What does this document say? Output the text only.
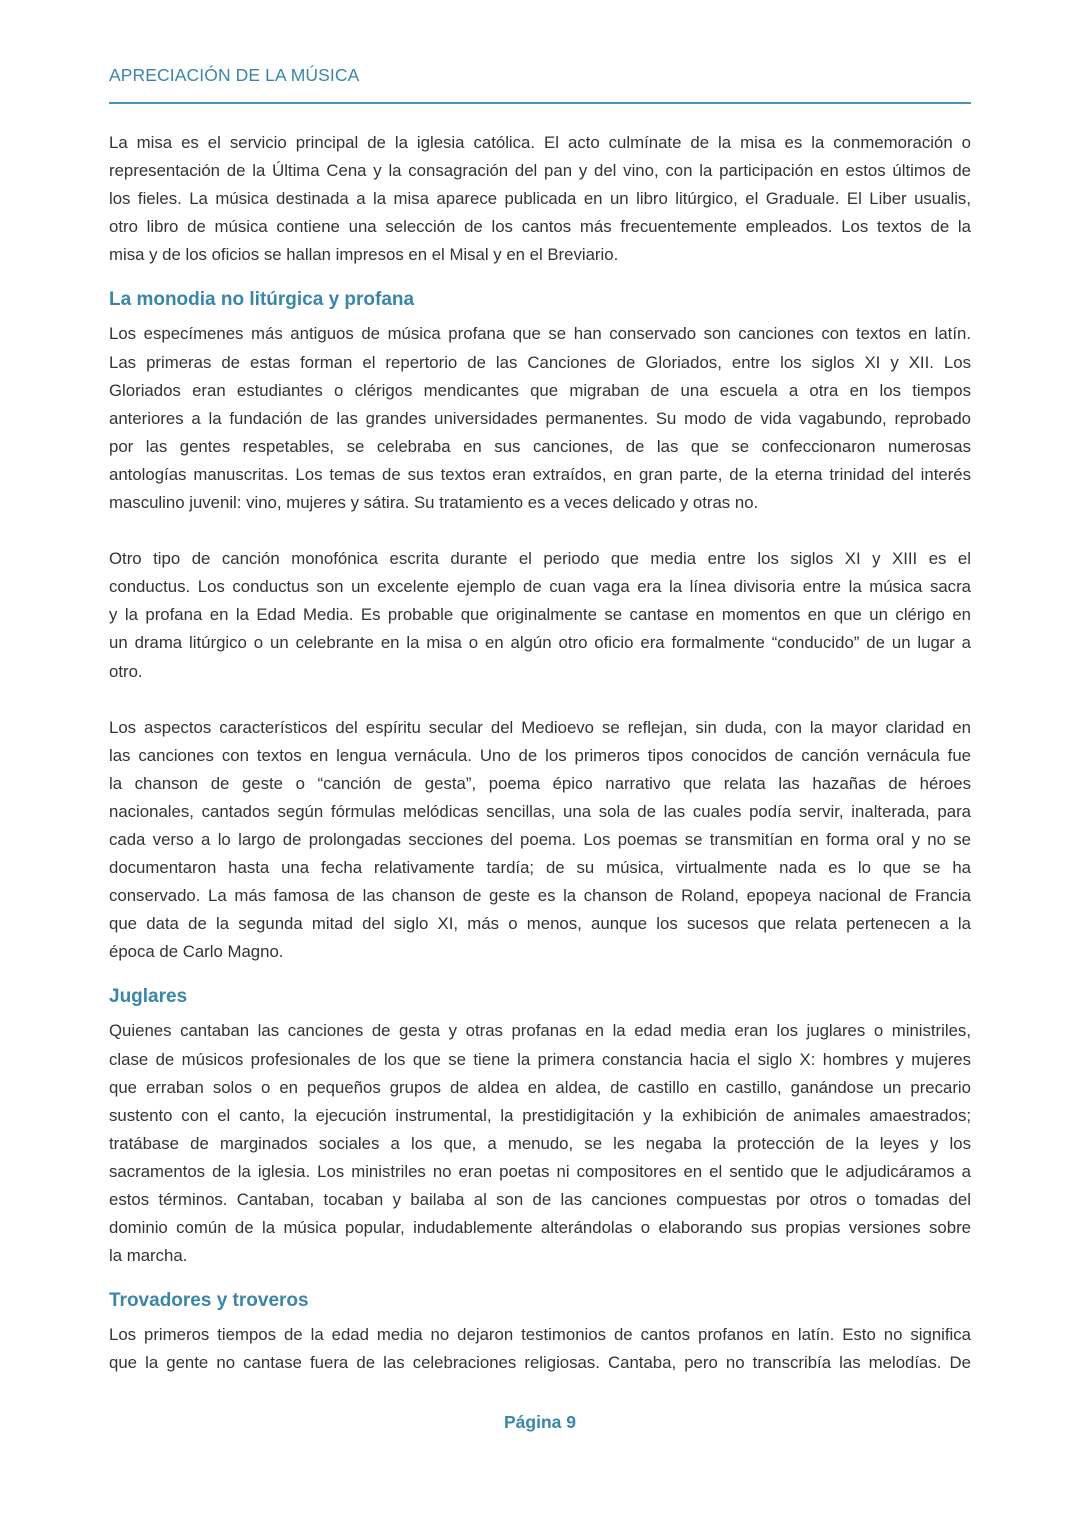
APRECIACIÓN DE LA MÚSICA
La misa es el servicio principal de la iglesia católica. El acto culmínate de la misa es la conmemoración o
representación de la Última Cena y la consagración del pan y del vino, con la participación en estos últimos de
los fieles. La música destinada a la misa aparece publicada en un libro litúrgico, el Graduale. El Liber usualis,
otro libro de música contiene una selección de los cantos más frecuentemente empleados. Los textos de la
misa y de los oficios se hallan impresos en el Misal y en el Breviario.
La monodia no litúrgica y profana
Los especímenes más antiguos de música profana que se han conservado son canciones con textos en latín.
Las primeras de estas forman el repertorio de las Canciones de Gloriados, entre los siglos XI y XII. Los
Gloriados eran estudiantes o clérigos mendicantes que migraban de una escuela a otra en los tiempos
anteriores a la fundación de las grandes universidades permanentes. Su modo de vida vagabundo, reprobado
por las gentes respetables, se celebraba en sus canciones, de las que se confeccionaron numerosas
antologías manuscritas. Los temas de sus textos eran extraídos, en gran parte, de la eterna trinidad del interés
masculino juvenil: vino, mujeres y sátira. Su tratamiento es a veces delicado y otras no.
Otro tipo de canción monofónica escrita durante el periodo que media entre los siglos XI y XIII es el
conductus. Los conductus son un excelente ejemplo de cuan vaga era la línea divisoria entre la música sacra
y la profana en la Edad Media. Es probable que originalmente se cantase en momentos en que un clérigo en
un drama litúrgico o un celebrante en la misa o en algún otro oficio era formalmente “conducido” de un lugar a
otro.
Los aspectos característicos del espíritu secular del Medioevo se reflejan, sin duda, con la mayor claridad en
las canciones con textos en lengua vernácula. Uno de los primeros tipos conocidos de canción vernácula fue
la chanson de geste o “canción de gesta”, poema épico narrativo que relata las hazañas de héroes
nacionales, cantados según fórmulas melódicas sencillas, una sola de las cuales podía servir, inalterada, para
cada verso a lo largo de prolongadas secciones del poema. Los poemas se transmitían en forma oral y no se
documentaron hasta una fecha relativamente tardía; de su música, virtualmente nada es lo que se ha
conservado. La más famosa de las chanson de geste es la chanson de Roland, epopeya nacional de Francia
que data de la segunda mitad del siglo XI, más o menos, aunque los sucesos que relata pertenecen a la
época de Carlo Magno.
Juglares
Quienes cantaban las canciones de gesta y otras profanas en la edad media eran los juglares o ministriles,
clase de músicos profesionales de los que se tiene la primera constancia hacia el siglo X: hombres y mujeres
que erraban solos o en pequeños grupos de aldea en aldea, de castillo en castillo, ganándose un precario
sustento con el canto, la ejecución instrumental, la prestidigitación y la exhibición de animales amaestrados;
tratábase de marginados sociales a los que, a menudo, se les negaba la protección de la leyes y los
sacramentos de la iglesia. Los ministriles no eran poetas ni compositores en el sentido que le adjudicáramos a
estos términos. Cantaban, tocaban y bailaba al son de las canciones compuestas por otros o tomadas del
dominio común de la música popular, indudablemente alterándolas o elaborando sus propias versiones sobre
la marcha.
Trovadores y troveros
Los primeros tiempos de la edad media no dejaron testimonios de cantos profanos en latín. Esto no significa
que la gente no cantase fuera de las celebraciones religiosas. Cantaba, pero no transcribía las melodías. De
Página 9
